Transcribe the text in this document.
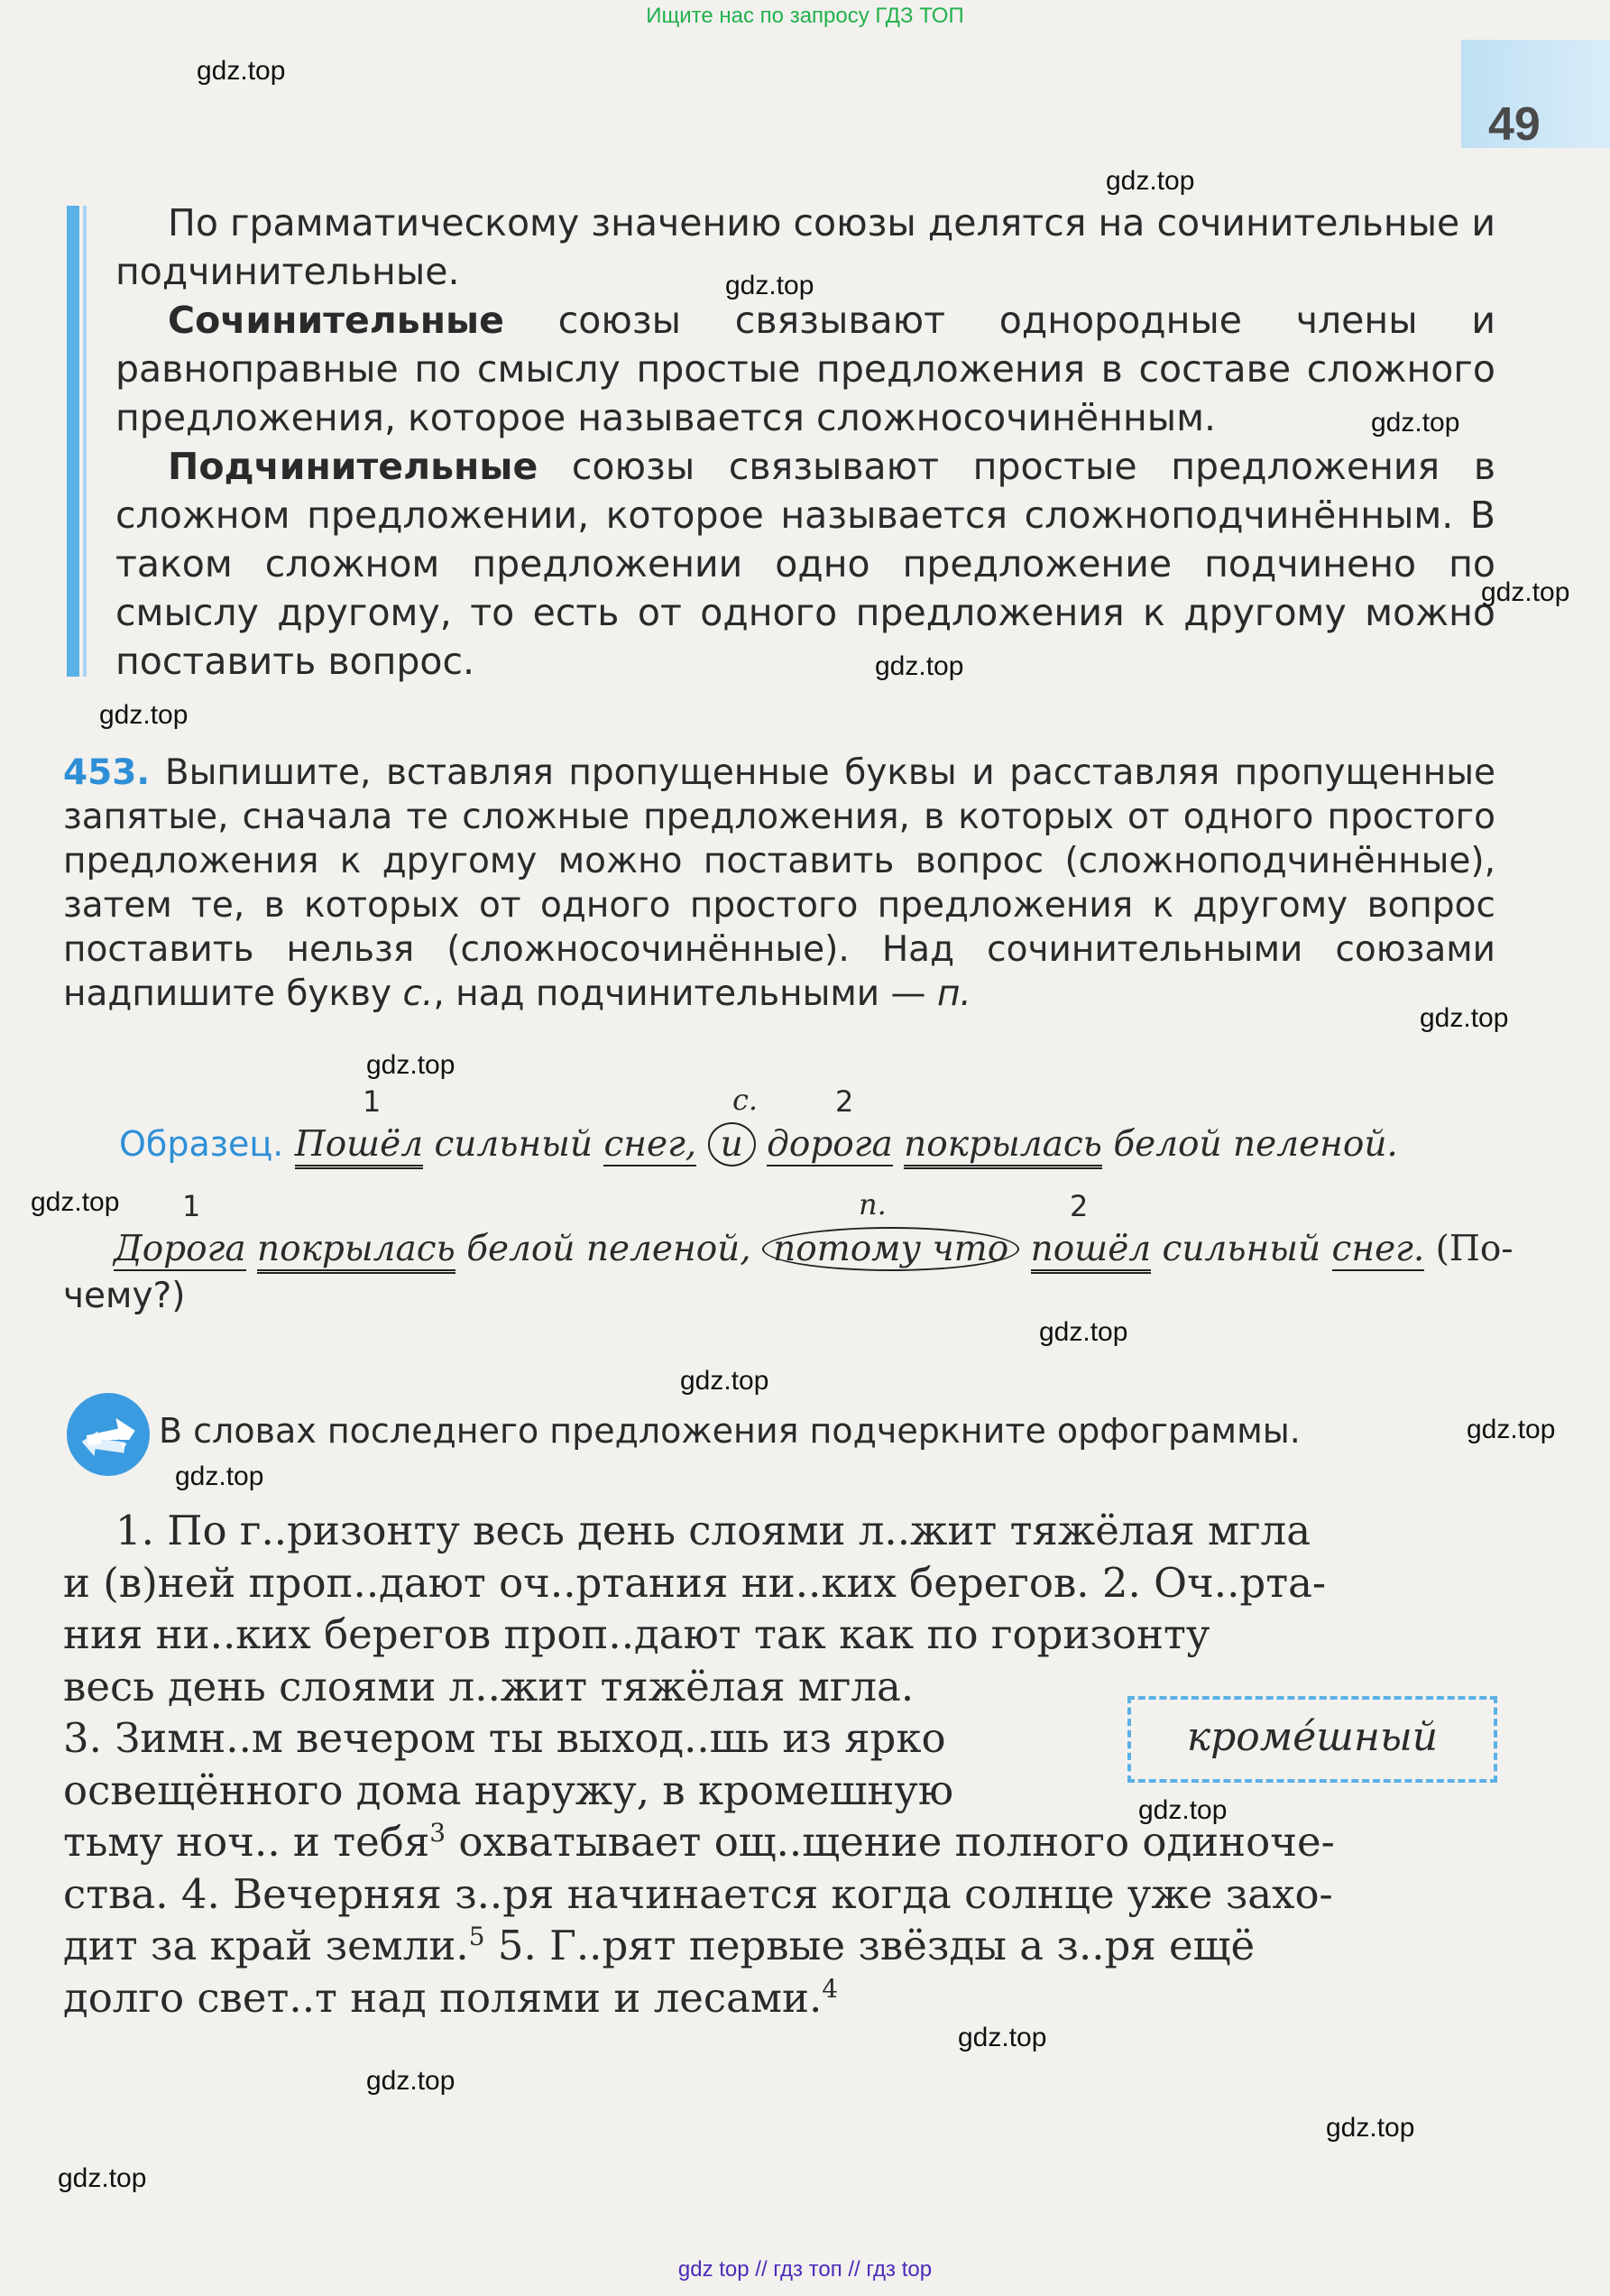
Ищите нас по запросу ГДЗ ТОП
49

По грамматическому значению союзы делятся на сочинительные и подчинительные.

Сочинительные союзы связывают однородные члены и равноправные по смыслу простые предложения в составе сложного предложения, которое называется сложносочинённым.

Подчинительные союзы связывают простые предложения в сложном предложении, которое называется сложноподчинённым. В таком сложном предложении одно предложение подчинено по смыслу другому, то есть от одного предложения к другому можно поставить вопрос.

453. Выпишите, вставляя пропущенные буквы и расставляя пропущенные запятые, сначала те сложные предложения, в которых от одного простого предложения к другому можно поставить вопрос (сложноподчинённые), затем те, в которых от одного простого предложения к другому вопрос поставить нельзя (сложносочинённые). Над сочинительными союзами надпишите букву с., над подчинительными — п.
1	с.	2
Образец. Пошёл сильный снег, и дорога покрылась белой пеленой.
1	п.	2
Дорога покрылась белой пеленой, потому что пошёл сильный снег. (По-
чему?)
В словах последнего предложения подчеркните орфограммы.
1. По г..ризонту весь день слоями л..жит тяжёлая мгла
и (в)ней проп..дают оч..ртания ни..ких берегов. 2. Оч..рта-
ния ни..ких берегов проп..дают так как по горизонту
весь день слоями л..жит тяжёлая мгла.
3. Зимн..м вечером ты выход..шь из ярко
освещённого дома наружу, в кромешную
тьму ноч.. и тебя$^3$ охватывает ощ..щение полного одиноче-
ства. 4. Вечерняя з..ря начинается когда солнце уже захо-
дит за край земли.$^5$ 5. Г..рят первые звёзды а з..ря ещё
долго свет..т над полями и лесами.$^4$
кромéшный
gdz.top
gdz.top
gdz.top
gdz.top
gdz.top
gdz.top
gdz.top
gdz.top
gdz.top
gdz.top
gdz.top
gdz.top
gdz.top
gdz.top
gdz.top
gdz.top
gdz.top
gdz.top
gdz.top
gdz top // гдз топ // гдз top
